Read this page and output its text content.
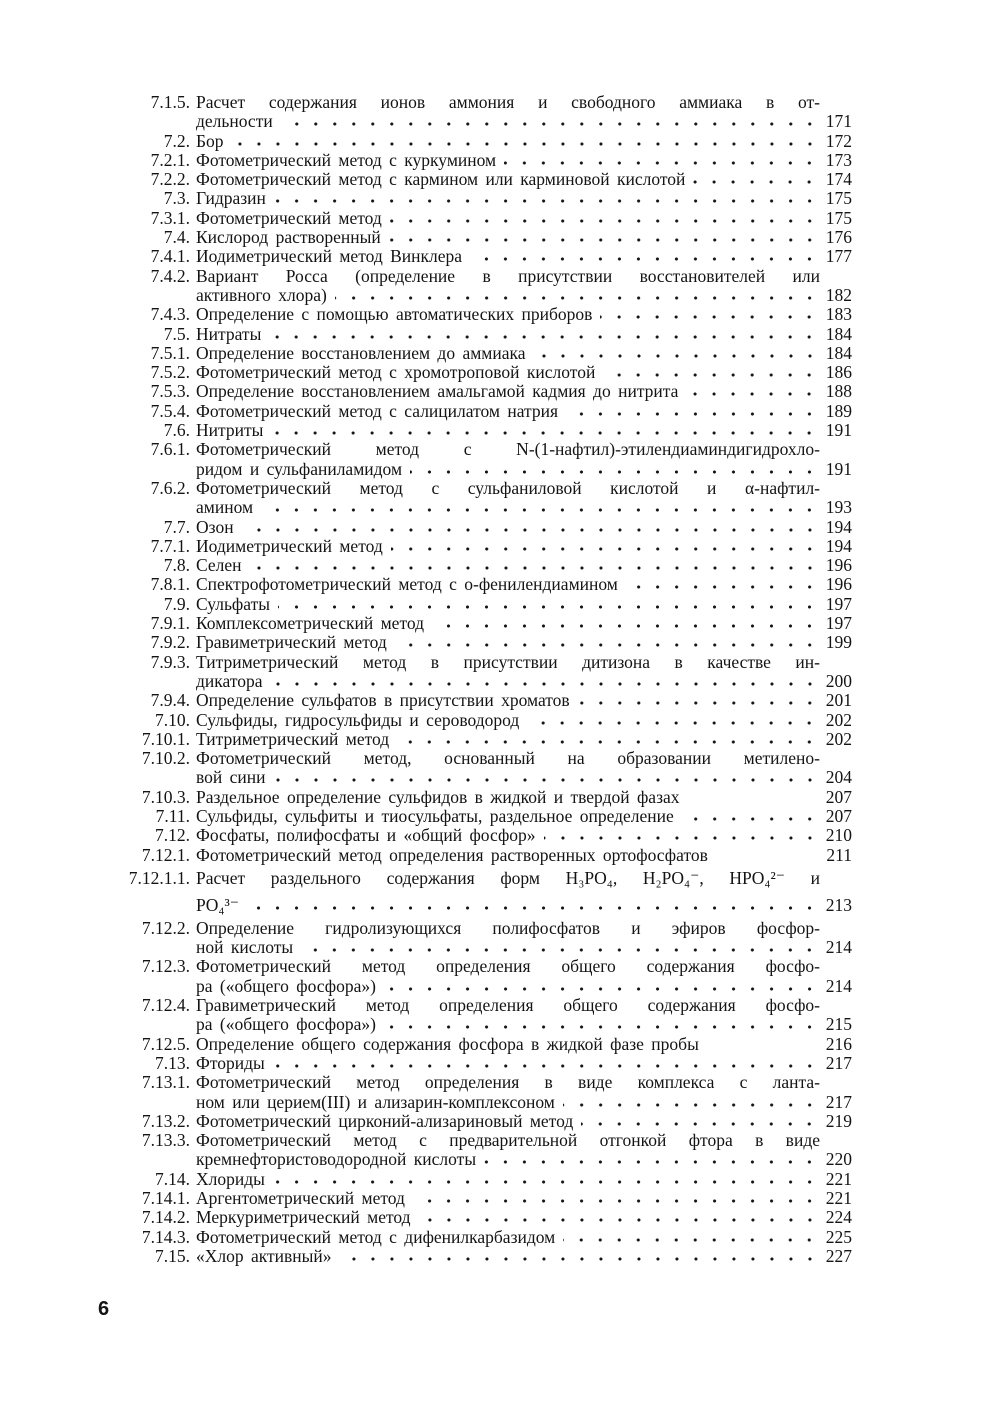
7.1.5. Расчет содержания ионов аммония и свободного аммиака в от-
дельности	171
7.2. Бор	172
7.2.1. Фотометрический метод с куркумином	173
7.2.2. Фотометрический метод с кармином или карминовой кислотой	174
7.3. Гидразин	175
7.3.1. Фотометрический метод	175
7.4. Кислород растворенный	176
7.4.1. Иодиметрический метод Винклера	177
7.4.2. Вариант Росса (определение в присутствии восстановителей или
активного хлора)	182
7.4.3. Определение с помощью автоматических приборов	183
7.5. Нитраты	184
7.5.1. Определение восстановлением до аммиака	184
7.5.2. Фотометрический метод с хромотроповой кислотой	186
7.5.3. Определение восстановлением амальгамой кадмия до нитрита	188
7.5.4. Фотометрический метод с салицилатом натрия	189
7.6. Нитриты	191
7.6.1. Фотометрический метод с N-(1-нафтил)-этилендиаминдигидрохло-
ридом и сульфаниламидом	191
7.6.2. Фотометрический метод с сульфаниловой кислотой и α-нафтил-
амином	193
7.7. Озон	194
7.7.1. Иодиметрический метод	194
7.8. Селен	196
7.8.1. Спектрофотометрический метод с о-фенилендиамином	196
7.9. Сульфаты	197
7.9.1. Комплексометрический метод	197
7.9.2. Гравиметрический метод	199
7.9.3. Титриметрический метод в присутствии дитизона в качестве ин-
дикатора	200
7.9.4. Определение сульфатов в присутствии хроматов	201
7.10. Сульфиды, гидросульфиды и сероводород	202
7.10.1. Титриметрический метод	202
7.10.2. Фотометрический метод, основанный на образовании метилено-
вой сини	204
7.10.3. Раздельное определение сульфидов в жидкой и твердой фазах	207
7.11. Сульфиды, сульфиты и тиосульфаты, раздельное определение	207
7.12. Фосфаты, полифосфаты и «общий фосфор»	210
7.12.1. Фотометрический метод определения растворенных ортофосфатов	211
7.12.1.1. Расчет раздельного содержания форм H₃PO₄, H₂PO₄⁻, HPO₄²⁻ и
PO₄³⁻	213
7.12.2. Определение гидролизующихся полифосфатов и эфиров фосфор-
ной кислоты	214
7.12.3. Фотометрический метод определения общего содержания фосфо-
ра («общего фосфора»)	214
7.12.4. Гравиметрический метод определения общего содержания фосфо-
ра («общего фосфора»)	215
7.12.5. Определение общего содержания фосфора в жидкой фазе пробы	216
7.13. Фториды	217
7.13.1. Фотометрический метод определения в виде комплекса с ланта-
ном или церием(III) и ализарин-комплексоном	217
7.13.2. Фотометрический цирконий-ализариновый метод	219
7.13.3. Фотометрический метод с предварительной отгонкой фтора в виде
кремнефтористоводородной кислоты	220
7.14. Хлориды	221
7.14.1. Аргентометрический метод	221
7.14.2. Меркуриметрический метод	224
7.14.3. Фотометрический метод с дифенилкарбазидом	225
7.15. «Хлор активный»	227
6
